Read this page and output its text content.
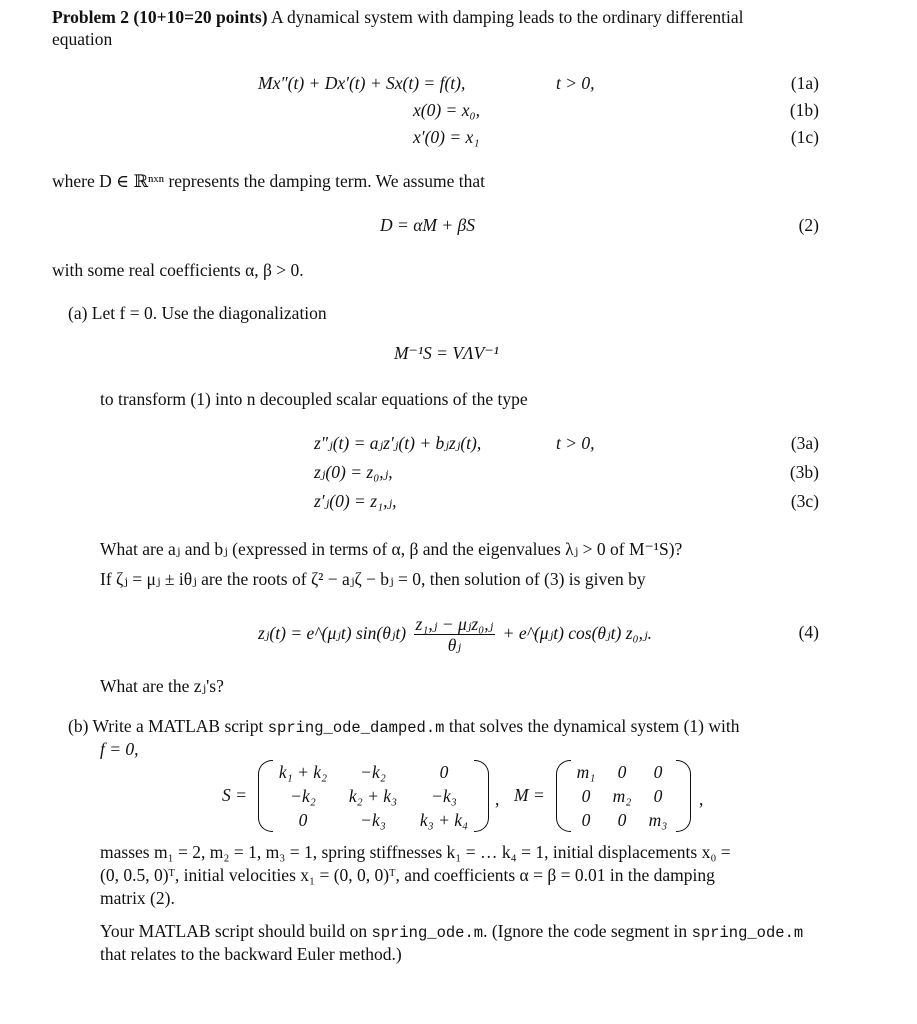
Problem 2 (10+10=20 points) A dynamical system with damping leads to the ordinary differential
equation
Mx″(t) + Dx′(t) + Sx(t) = f(t),	t > 0,	(1a)
x(0) = x₀,	(1b)
x′(0) = x₁	(1c)
where D ∈ ℝⁿˣⁿ represents the damping term. We assume that
D = αM + βS	(2)
with some real coefficients α, β > 0.
(a) Let f = 0. Use the diagonalization
M⁻¹S = VΛV⁻¹
to transform (1) into n decoupled scalar equations of the type
z″ⱼ(t) = aⱼz′ⱼ(t) + bⱼzⱼ(t),	t > 0,	(3a)
zⱼ(0) = z₀,ⱼ,	(3b)
z′ⱼ(0) = z₁,ⱼ,	(3c)
What are aⱼ and bⱼ (expressed in terms of α, β and the eigenvalues λⱼ > 0 of M⁻¹S)?
If ζⱼ = μⱼ ± iθⱼ are the roots of ζ² − aⱼζ − bⱼ = 0, then solution of (3) is given by
zⱼ(t) = e^(μⱼt) sin(θⱼt) $\frac{\text{z₁,ⱼ − μⱼz₀,ⱼ}}{\text{θⱼ}}$ + e^(μⱼt) cos(θⱼt) z₀,ⱼ.	(4)
What are the zⱼ's?
(b) Write a MATLAB script spring_ode_damped.m that solves the dynamical system (1) with
f = 0,
S =
k₁ + k₂	−k₂	0
−k₂	k₂ + k₃	−k₃
0	−k₃	k₃ + k₄
, M =
m₁	0	0
0	m₂	0
0	0	m₃
,
masses m₁ = 2, m₂ = 1, m₃ = 1, spring stiffnesses k₁ = … k₄ = 1, initial displacements x₀ =
(0, 0.5, 0)ᵀ, initial velocities x₁ = (0, 0, 0)ᵀ, and coefficients α = β = 0.01 in the damping
matrix (2).
Your MATLAB script should build on spring_ode.m. (Ignore the code segment in spring_ode.m
that relates to the backward Euler method.)
